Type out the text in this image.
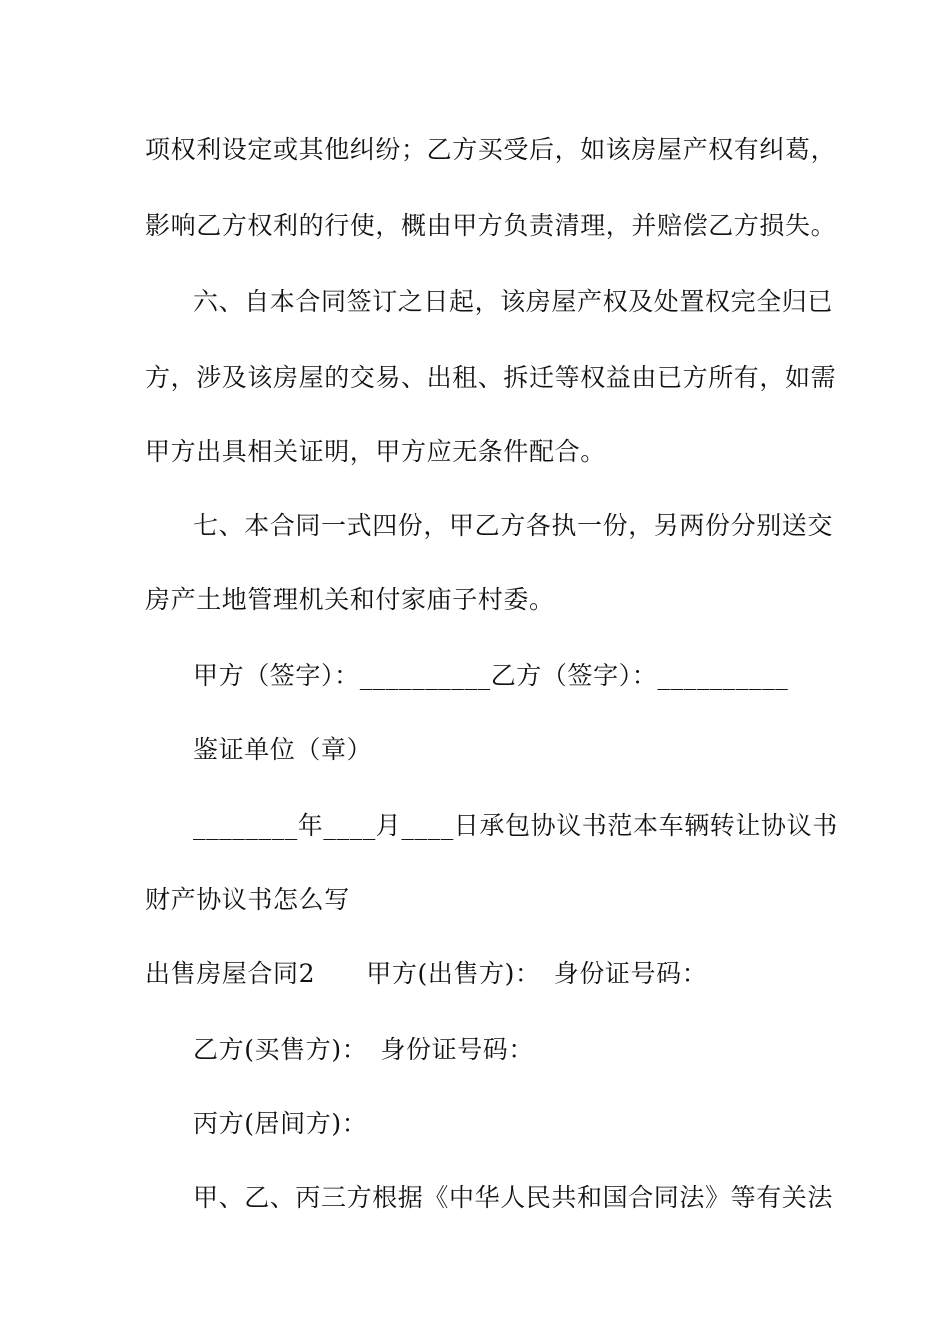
项权利设定或其他纠纷；乙方买受后，如该房屋产权有纠葛，
影响乙方权利的行使，概由甲方负责清理，并赔偿乙方损失。
六、自本合同签订之日起，该房屋产权及处置权完全归已
方，涉及该房屋的交易、出租、拆迁等权益由已方所有，如需
甲方出具相关证明，甲方应无条件配合。
七、本合同一式四份，甲乙方各执一份，另两份分别送交
房产土地管理机关和付家庙子村委。
甲方（签字）：__________乙方（签字）：__________
鉴证单位（章）
________年____月____日承包协议书范本车辆转让协议书
财产协议书怎么写
出售房屋合同2　　甲方(出售方)：　身份证号码：
乙方(买售方)：　身份证号码：
丙方(居间方)：
甲、乙、丙三方根据《中华人民共和国合同法》等有关法
